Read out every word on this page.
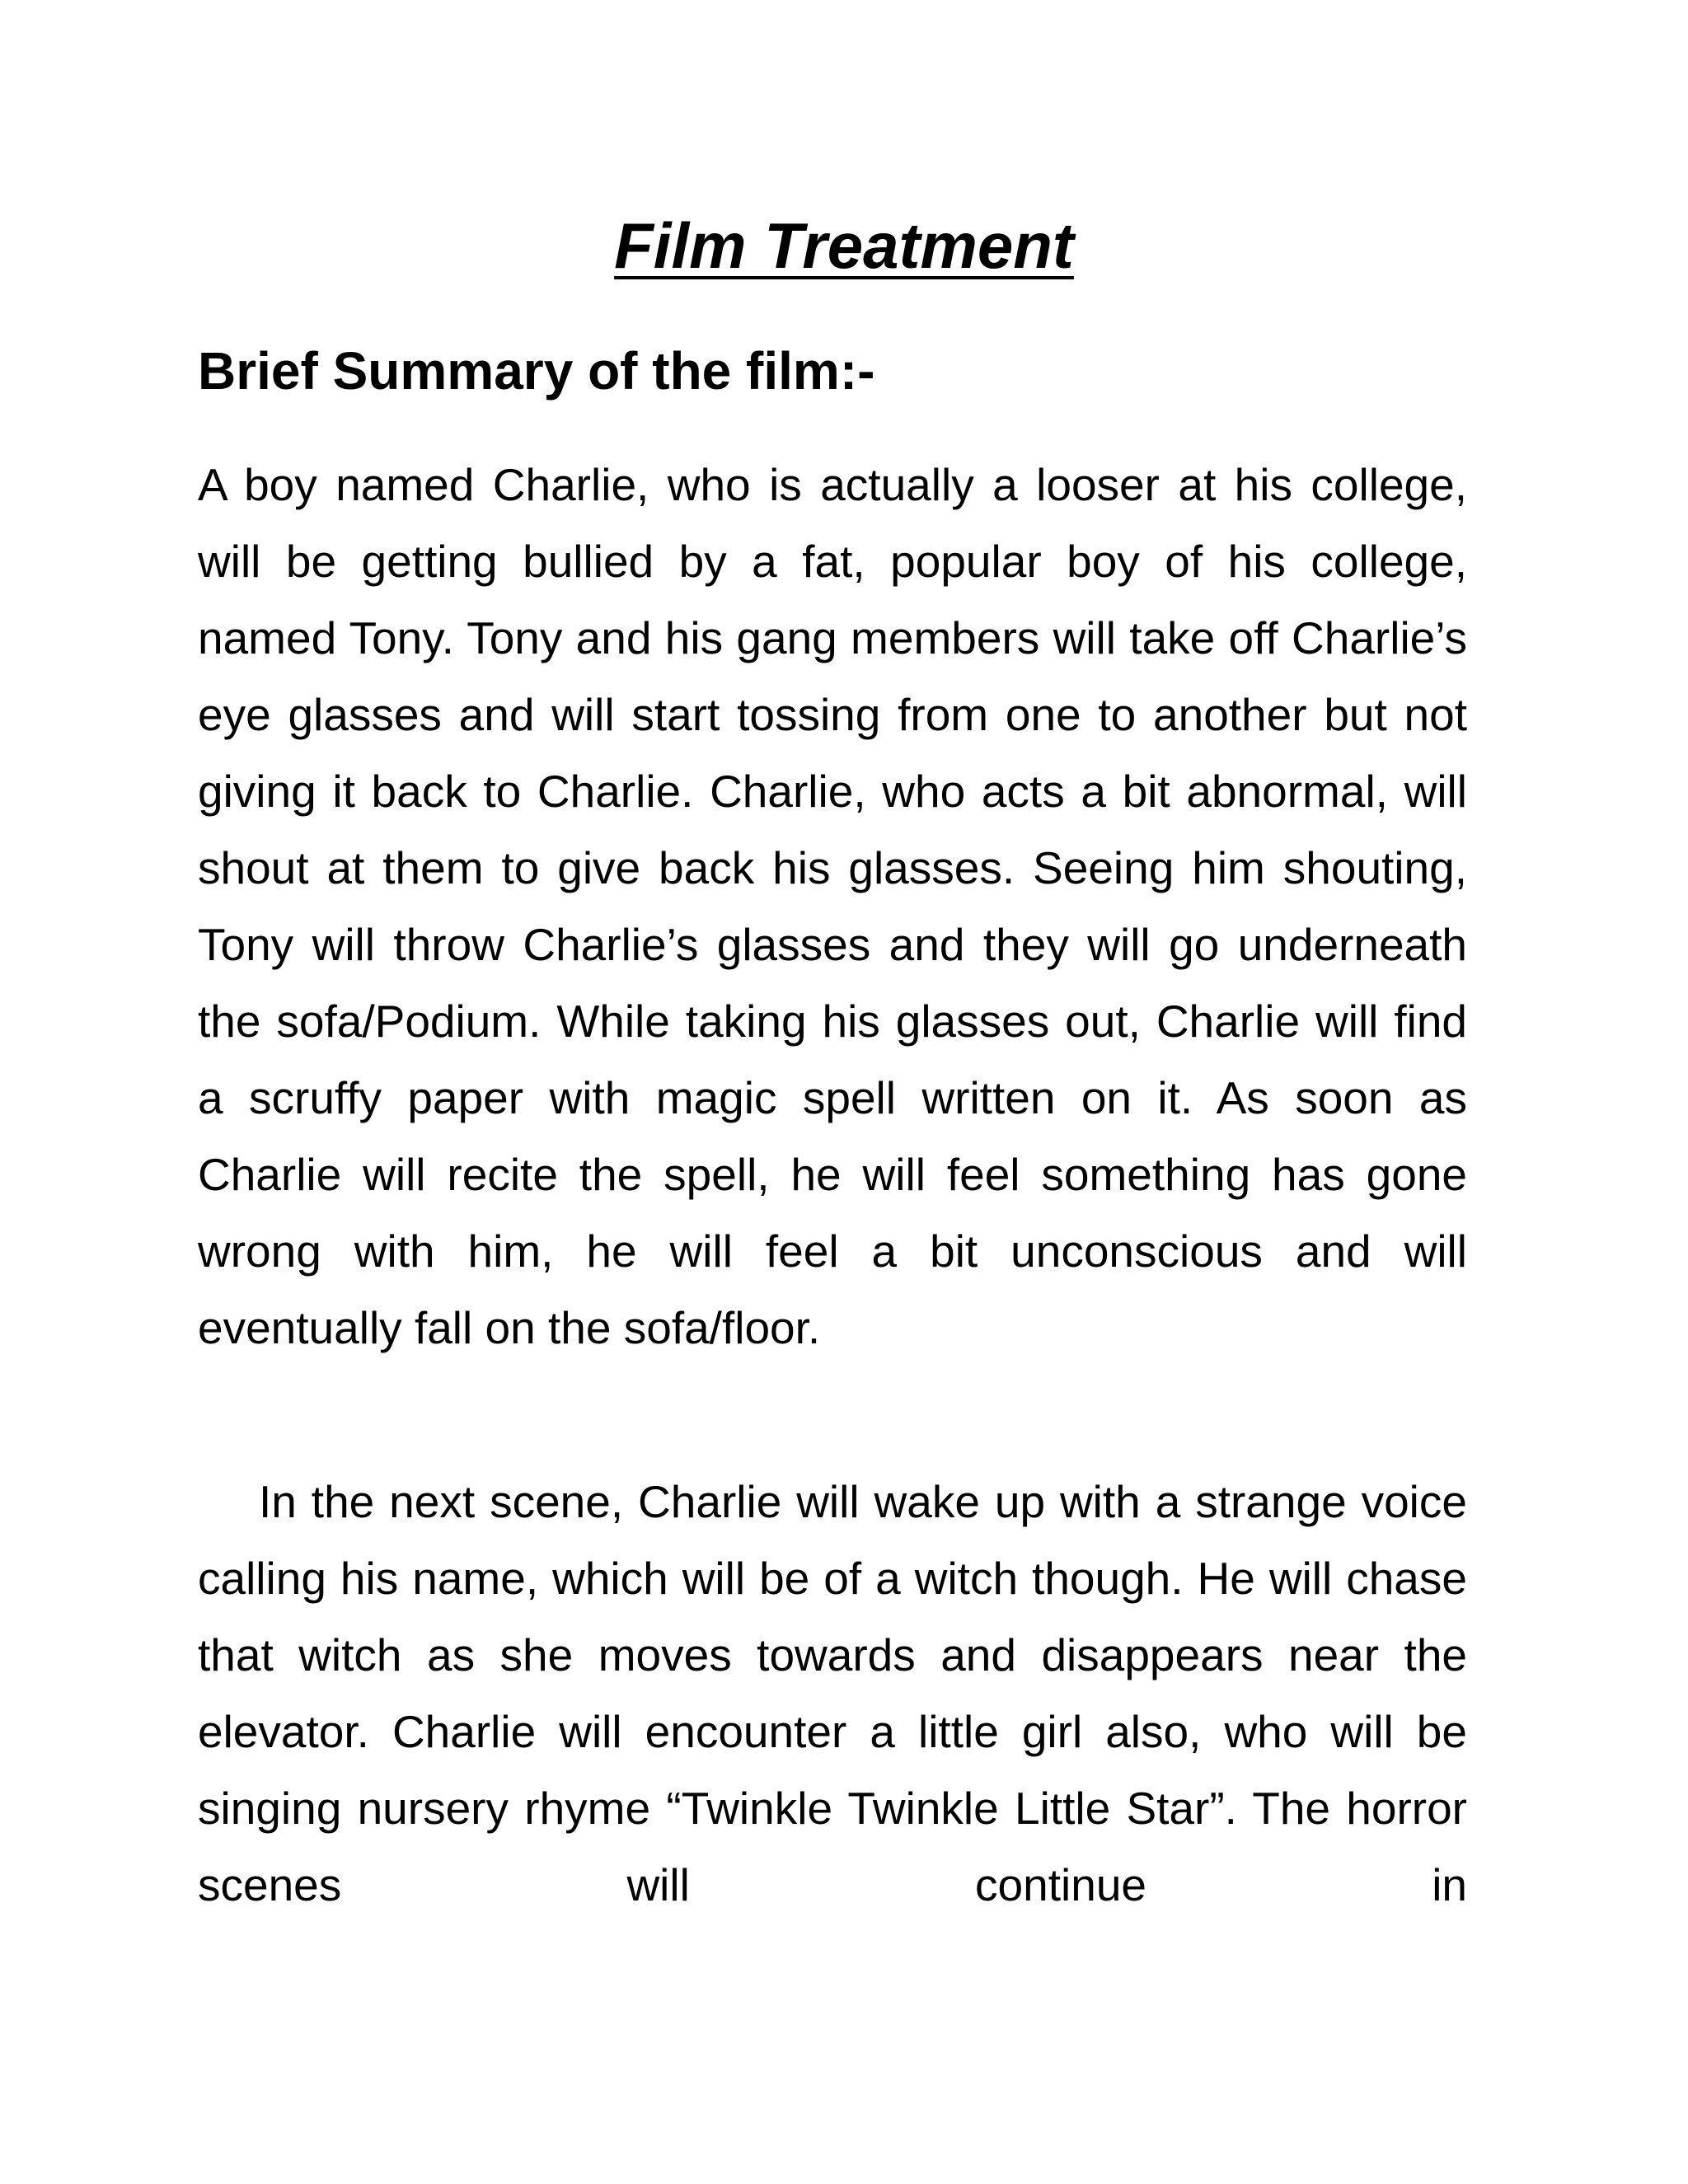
Film Treatment
Brief Summary of the film:-

A boy named Charlie, who is actually a looser at his college, will be getting bullied by a fat, popular boy of his college, named Tony. Tony and his gang members will take off Charlie’s eye glasses and will start tossing from one to another but not giving it back to Charlie. Charlie, who acts a bit abnormal, will shout at them to give back his glasses. Seeing him shouting, Tony will throw Charlie’s glasses and they will go underneath the sofa/Podium. While taking his glasses out, Charlie will find a scruffy paper with magic spell written on it. As soon as Charlie will recite the spell, he will feel something has gone wrong with him, he will feel a bit unconscious and will eventually fall on the sofa/floor.

In the next scene, Charlie will wake up with a strange voice calling his name, which will be of a witch though. He will chase that witch as she moves towards and disappears near the elevator. Charlie will encounter a little girl also, who will be singing nursery rhyme “Twinkle Twinkle Little Star”. The horror scenes will continue in
